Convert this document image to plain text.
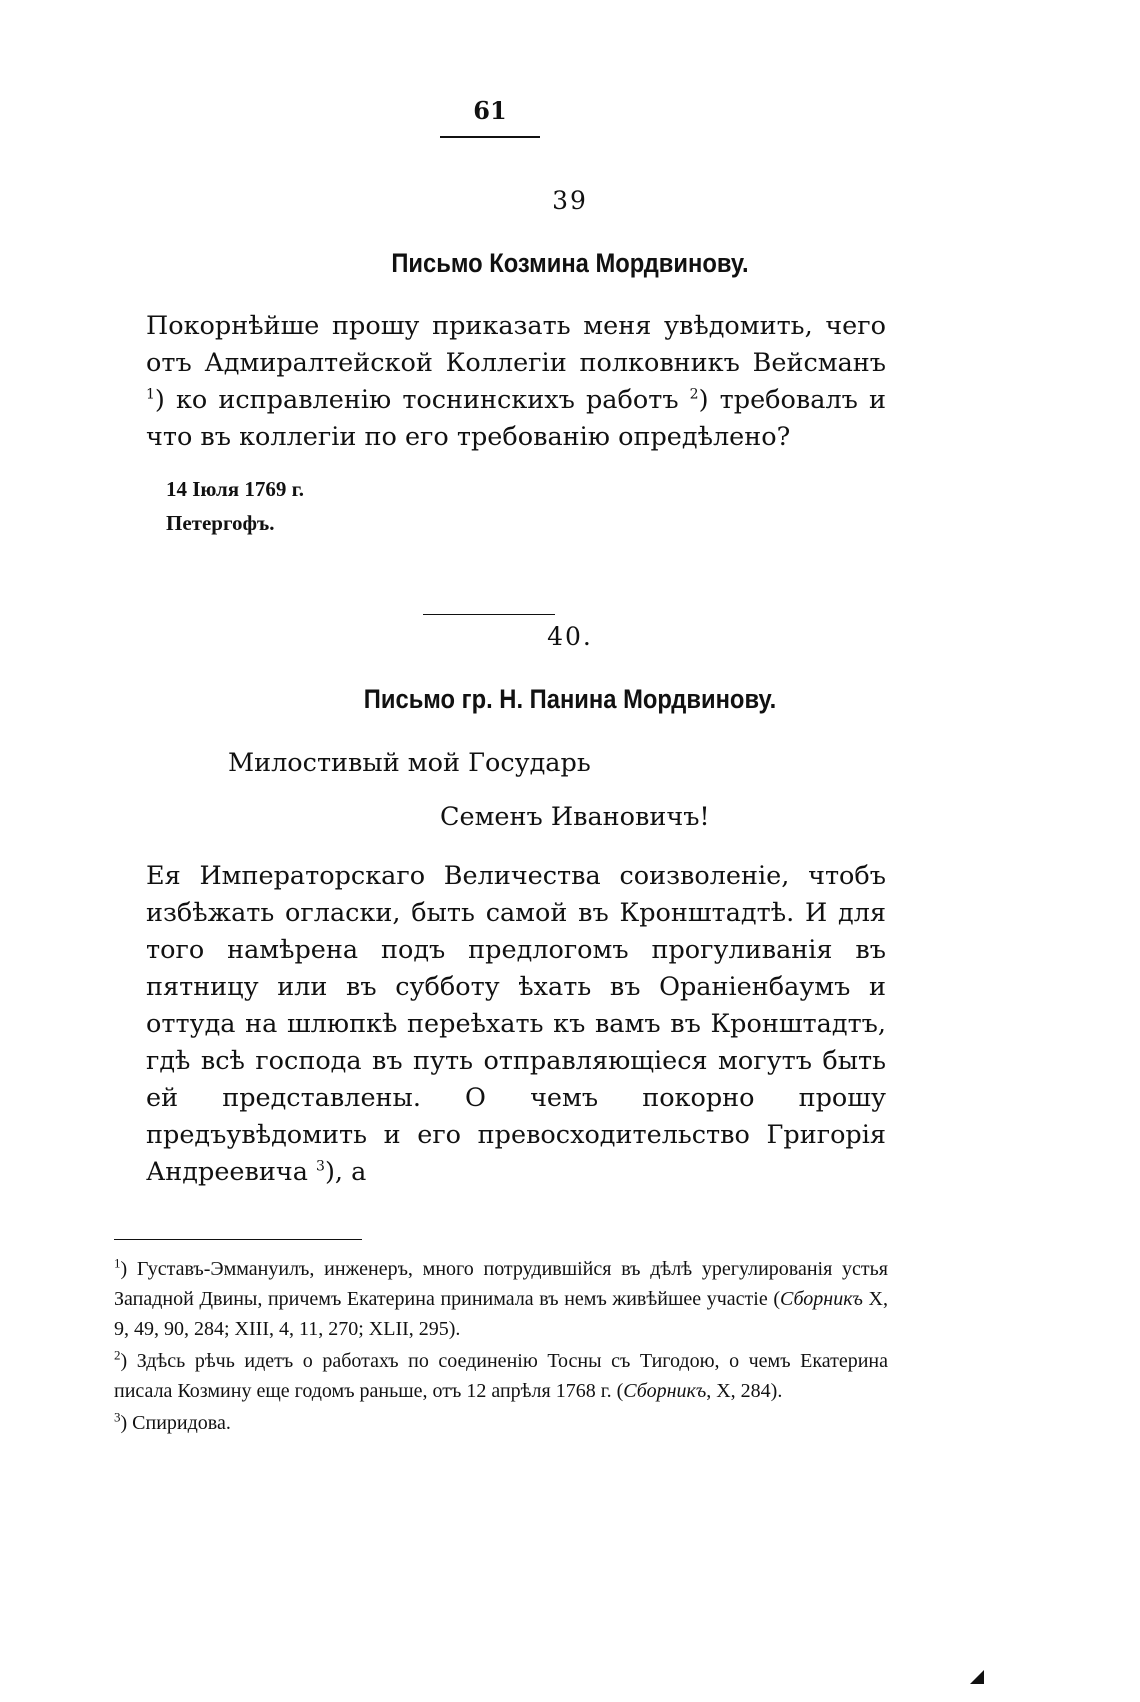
61
39
Письмо Козмина Мордвинову.
Покорнѣйше прошу приказать меня увѣдомить, чего отъ Адмиралтейской Коллегіи полковникъ Вейсманъ $^1$) ко исправленію тоснинскихъ работъ $^2$) требовалъ и что въ коллегіи по его требованію опредѣлено?
14 Іюля 1769 г.
Петергофъ.
40.
Письмо гр. Н. Панина Мордвинову.
Милостивый мой Государь
Семенъ Ивановичъ!
Ея Императорскаго Величества соизволеніе, чтобъ избѣжать огласки, быть самой въ Кронштадтѣ. И для того намѣрена подъ предлогомъ прогуливанія въ пятницу или въ субботу ѣхать въ Ораніенбаумъ и оттуда на шлюпкѣ переѣхать къ вамъ въ Кронштадтъ, гдѣ всѣ господа въ путь отправляющіеся могутъ быть ей представлены. О чемъ покорно прошу предъувѣдомить и его превосходительство Григорія Андреевича $^3$), а
$^1$) Густавъ-Эммануилъ, инженеръ, много потрудившійся въ дѣлѣ урегулированія устья Западной Двины, причемъ Екатерина принимала въ немъ живѣйшее участіе (Сборникъ X, 9, 49, 90, 284; XIII, 4, 11, 270; XLII, 295).
$^2$) Здѣсь рѣчь идетъ о работахъ по соединенію Тосны съ Тигодою, о чемъ Екатерина писала Козмину еще годомъ раньше, отъ 12 апрѣля 1768 г. (Сборникъ, X, 284).
$^3$) Спиридова.
